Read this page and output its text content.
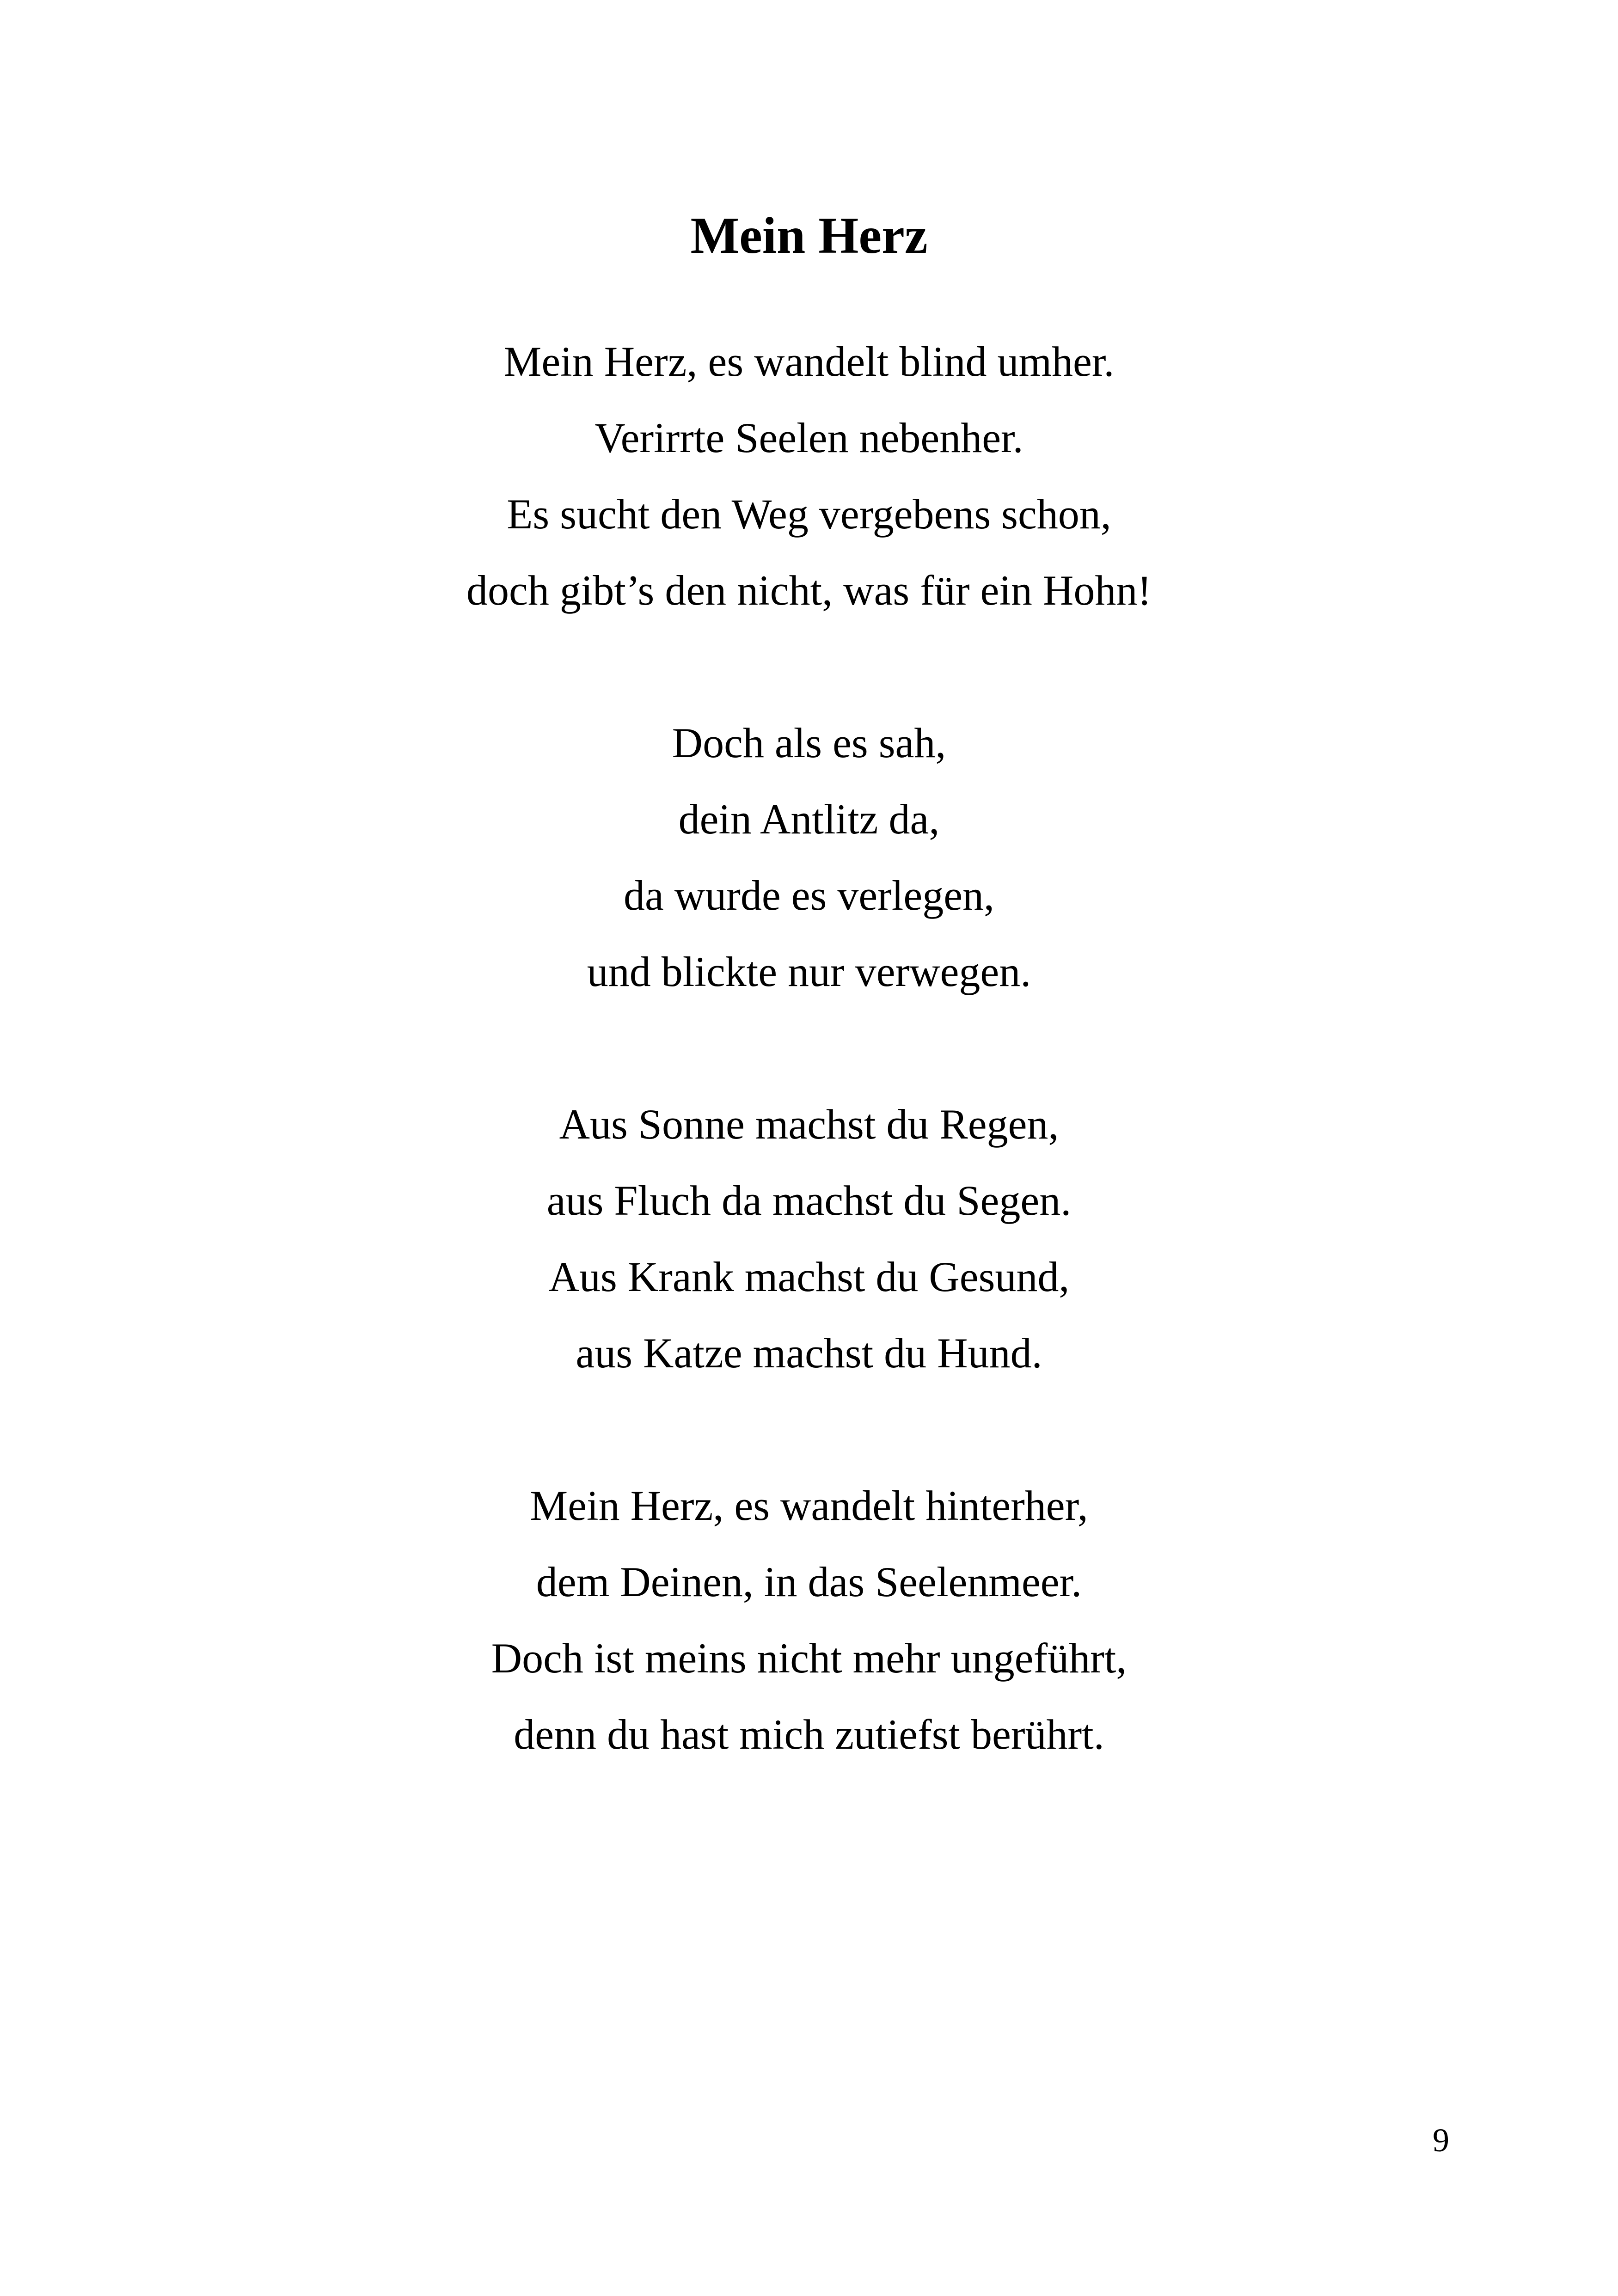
Mein Herz

Mein Herz, es wandelt blind umher.
Verirrte Seelen nebenher.
Es sucht den Weg vergebens schon,
doch gibt’s den nicht, was für ein Hohn!

Doch als es sah,
dein Antlitz da,
da wurde es verlegen,
und blickte nur verwegen.

Aus Sonne machst du Regen,
aus Fluch da machst du Segen.
Aus Krank machst du Gesund,
aus Katze machst du Hund.

Mein Herz, es wandelt hinterher,
dem Deinen, in das Seelenmeer.
Doch ist meins nicht mehr ungeführt,
denn du hast mich zutiefst berührt.

9
